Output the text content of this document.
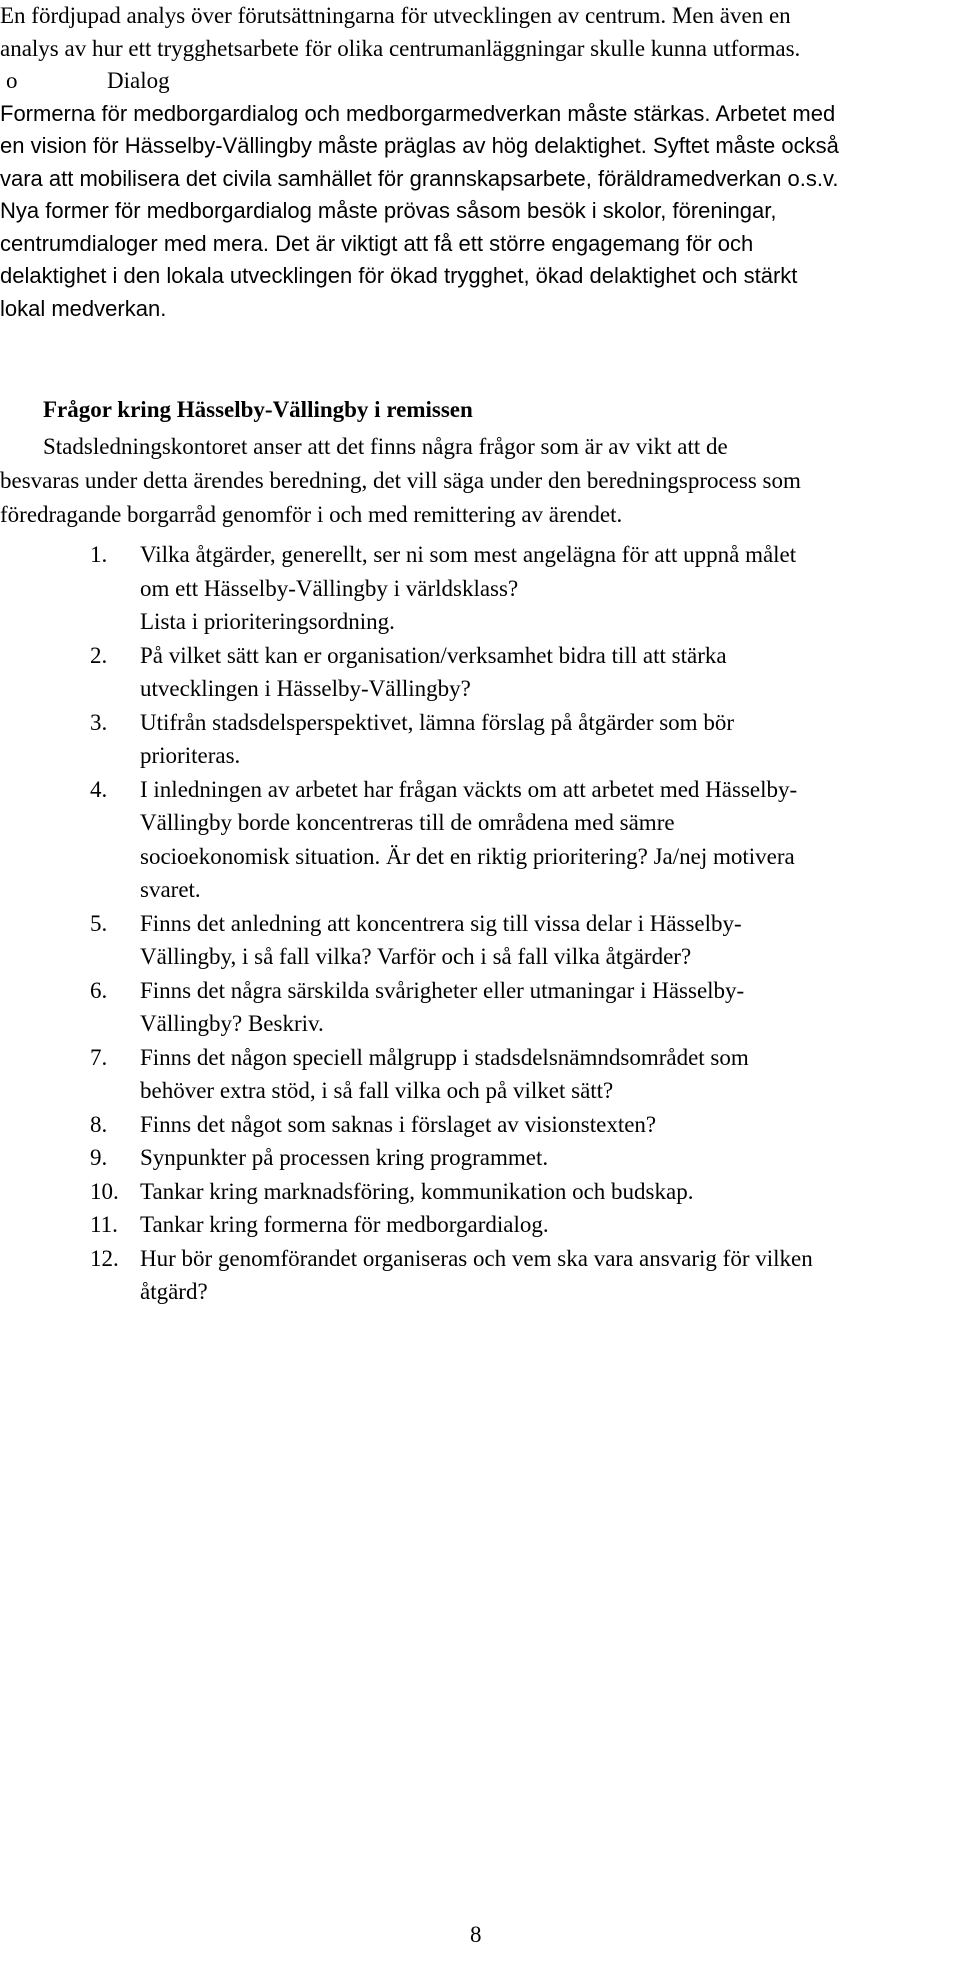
En fördjupad analys över förutsättningarna för utvecklingen av centrum. Men även en
analys av hur ett trygghetsarbete för olika centrumanläggningar skulle kunna utformas.
o	Dialog
Formerna för medborgardialog och medborgarmedverkan måste stärkas. Arbetet med
en vision för Hässelby-Vällingby måste präglas av hög delaktighet. Syftet måste också
vara att mobilisera det civila samhället för grannskapsarbete, föräldramedverkan o.s.v.
Nya former för medborgardialog måste prövas såsom besök i skolor, föreningar,
centrumdialoger med mera. Det är viktigt att få ett större engagemang för och
delaktighet i den lokala utvecklingen för ökad trygghet, ökad delaktighet och stärkt
lokal medverkan.
Frågor kring Hässelby-Vällingby i remissen
Stadsledningskontoret anser att det finns några frågor som är av vikt att de
besvaras under detta ärendes beredning, det vill säga under den beredningsprocess som
föredragande borgarråd genomför i och med remittering av ärendet.
1.	Vilka åtgärder, generellt, ser ni som mest angelägna för att uppnå målet
om ett Hässelby-Vällingby i världsklass?
Lista i prioriteringsordning.
2.	På vilket sätt kan er organisation/verksamhet bidra till att stärka
utvecklingen i Hässelby-Vällingby?
3.	Utifrån stadsdelsperspektivet, lämna förslag på åtgärder som bör
prioriteras.
4.	I inledningen av arbetet har frågan väckts om att arbetet med Hässelby-
Vällingby borde koncentreras till de områdena med sämre
socioekonomisk situation. Är det en riktig prioritering? Ja/nej motivera
svaret.
5.	Finns det anledning att koncentrera sig till vissa delar i Hässelby-
Vällingby, i så fall vilka? Varför och i så fall vilka åtgärder?
6.	Finns det några särskilda svårigheter eller utmaningar i Hässelby-
Vällingby? Beskriv.
7.	Finns det någon speciell målgrupp i stadsdelsnämndsområdet som
behöver extra stöd, i så fall vilka och på vilket sätt?
8.	Finns det något som saknas i förslaget av visionstexten?
9.	Synpunkter på processen kring programmet.
10. Tankar kring marknadsföring, kommunikation och budskap.
11. Tankar kring formerna för medborgardialog.
12. Hur bör genomförandet organiseras och vem ska vara ansvarig för vilken
åtgärd?
8
